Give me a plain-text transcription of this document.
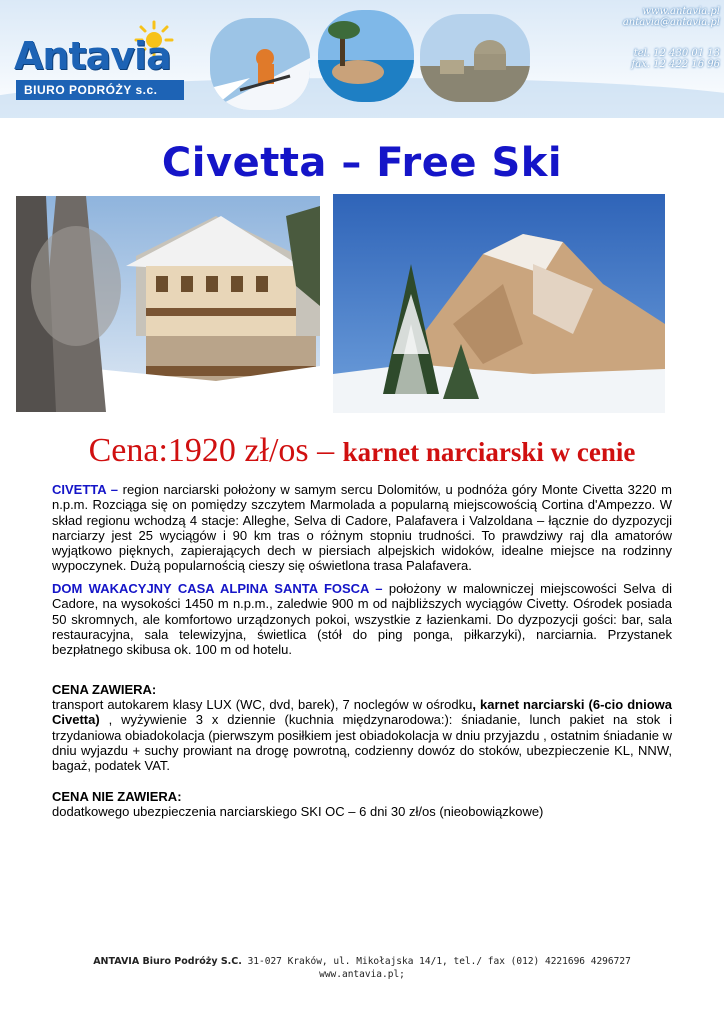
Antavia
BIURO PODRÓŻY s.c.
www.antavia.pl
antavia@antavia.pl
tel. 12 430 01 13
fax. 12 422 16 96
Civetta – Free Ski
Cena:1920 zł/os – karnet narciarski w cenie
CIVETTA – region narciarski położony w samym sercu Dolomitów, u podnóża góry Monte Civetta 3220 m n.p.m. Rozciąga się on pomiędzy szczytem Marmolada a popularną miejscowością Cortina d'Ampezzo. W skład regionu wchodzą 4 stacje: Alleghe, Selva di Cadore, Palafavera i Valzoldana – łącznie do dyzpozycji narciarzy jest 25 wyciągów i 90 km tras o różnym stopniu trudności. To prawdziwy raj dla amatorów wyjątkowo pięknych, zapierających dech w piersiach alpejskich widoków, idealne miejsce na rodzinny wypoczynek. Dużą popularnością cieszy się oświetlona trasa Palafavera.
DOM WAKACYJNY CASA ALPINA SANTA FOSCA – położony w malowniczej miejscowości Selva di Cadore, na wysokości 1450 m n.p.m., zaledwie 900 m od najbliższych wyciągów Civetty. Ośrodek posiada 50 skromnych, ale komfortowo urządzonych pokoi, wszystkie z łazienkami. Do dyzpozycji gości: bar, sala restauracyjna, sala telewizyjna, świetlica (stół do ping ponga, piłkarzyki), narciarnia. Przystanek bezpłatnego skibusa ok. 100 m od hotelu.
CENA ZAWIERA:
transport autokarem klasy LUX (WC, dvd, barek), 7 noclegów w ośrodku, karnet narciarski (6-cio dniowa Civetta) , wyżywienie 3 x dziennie (kuchnia międzynarodowa:): śniadanie, lunch pakiet na stok i trzydaniowa obiadokolacja (pierwszym posiłkiem jest obiadokolacja w dniu przyjazdu , ostatnim śniadanie w dniu wyjazdu + suchy prowiant na drogę powrotną, codzienny dowóz do stoków, ubezpieczenie KL, NNW, bagaż, podatek VAT.
CENA NIE ZAWIERA:
dodatkowego ubezpieczenia narciarskiego SKI OC – 6 dni 30 zł/os (nieobowiązkowe)
ANTAVIA Biuro Podróży S.C. 31-027 Kraków, ul. Mikołajska 14/1, tel./ fax (012) 4221696 4296727
www.antavia.pl;
